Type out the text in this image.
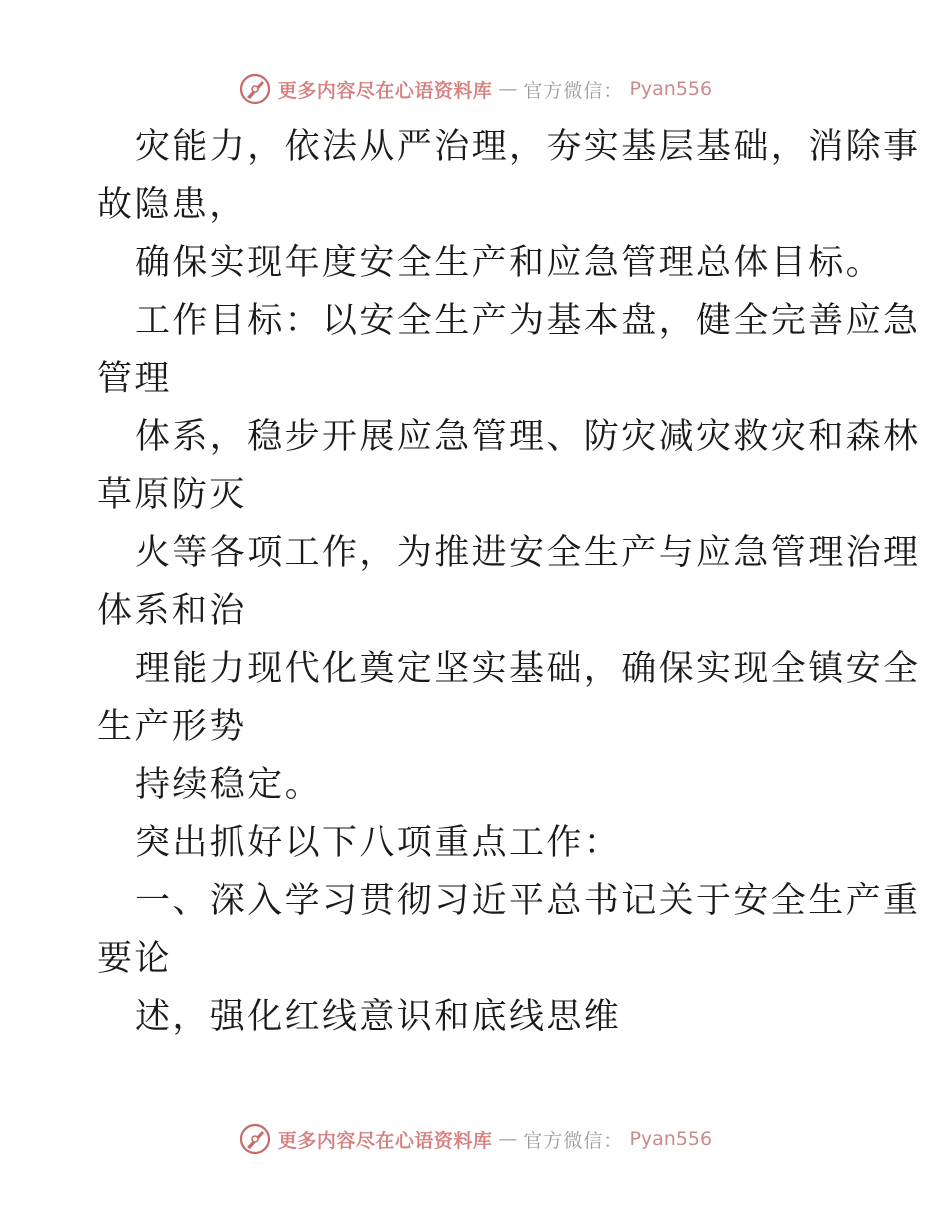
更多内容尽在心语资料库 — 官方微信： Pyan556
灾能力，依法从严治理，夯实基层基础，消除事
故隐患，
确保实现年度安全生产和应急管理总体目标。
工作目标：以安全生产为基本盘，健全完善应急
管理
体系，稳步开展应急管理、防灾减灾救灾和森林
草原防灭
火等各项工作，为推进安全生产与应急管理治理
体系和治
理能力现代化奠定坚实基础，确保实现全镇安全
生产形势
持续稳定。
突出抓好以下八项重点工作：
一、深入学习贯彻习近平总书记关于安全生产重
要论
述，强化红线意识和底线思维
更多内容尽在心语资料库 — 官方微信： Pyan556
